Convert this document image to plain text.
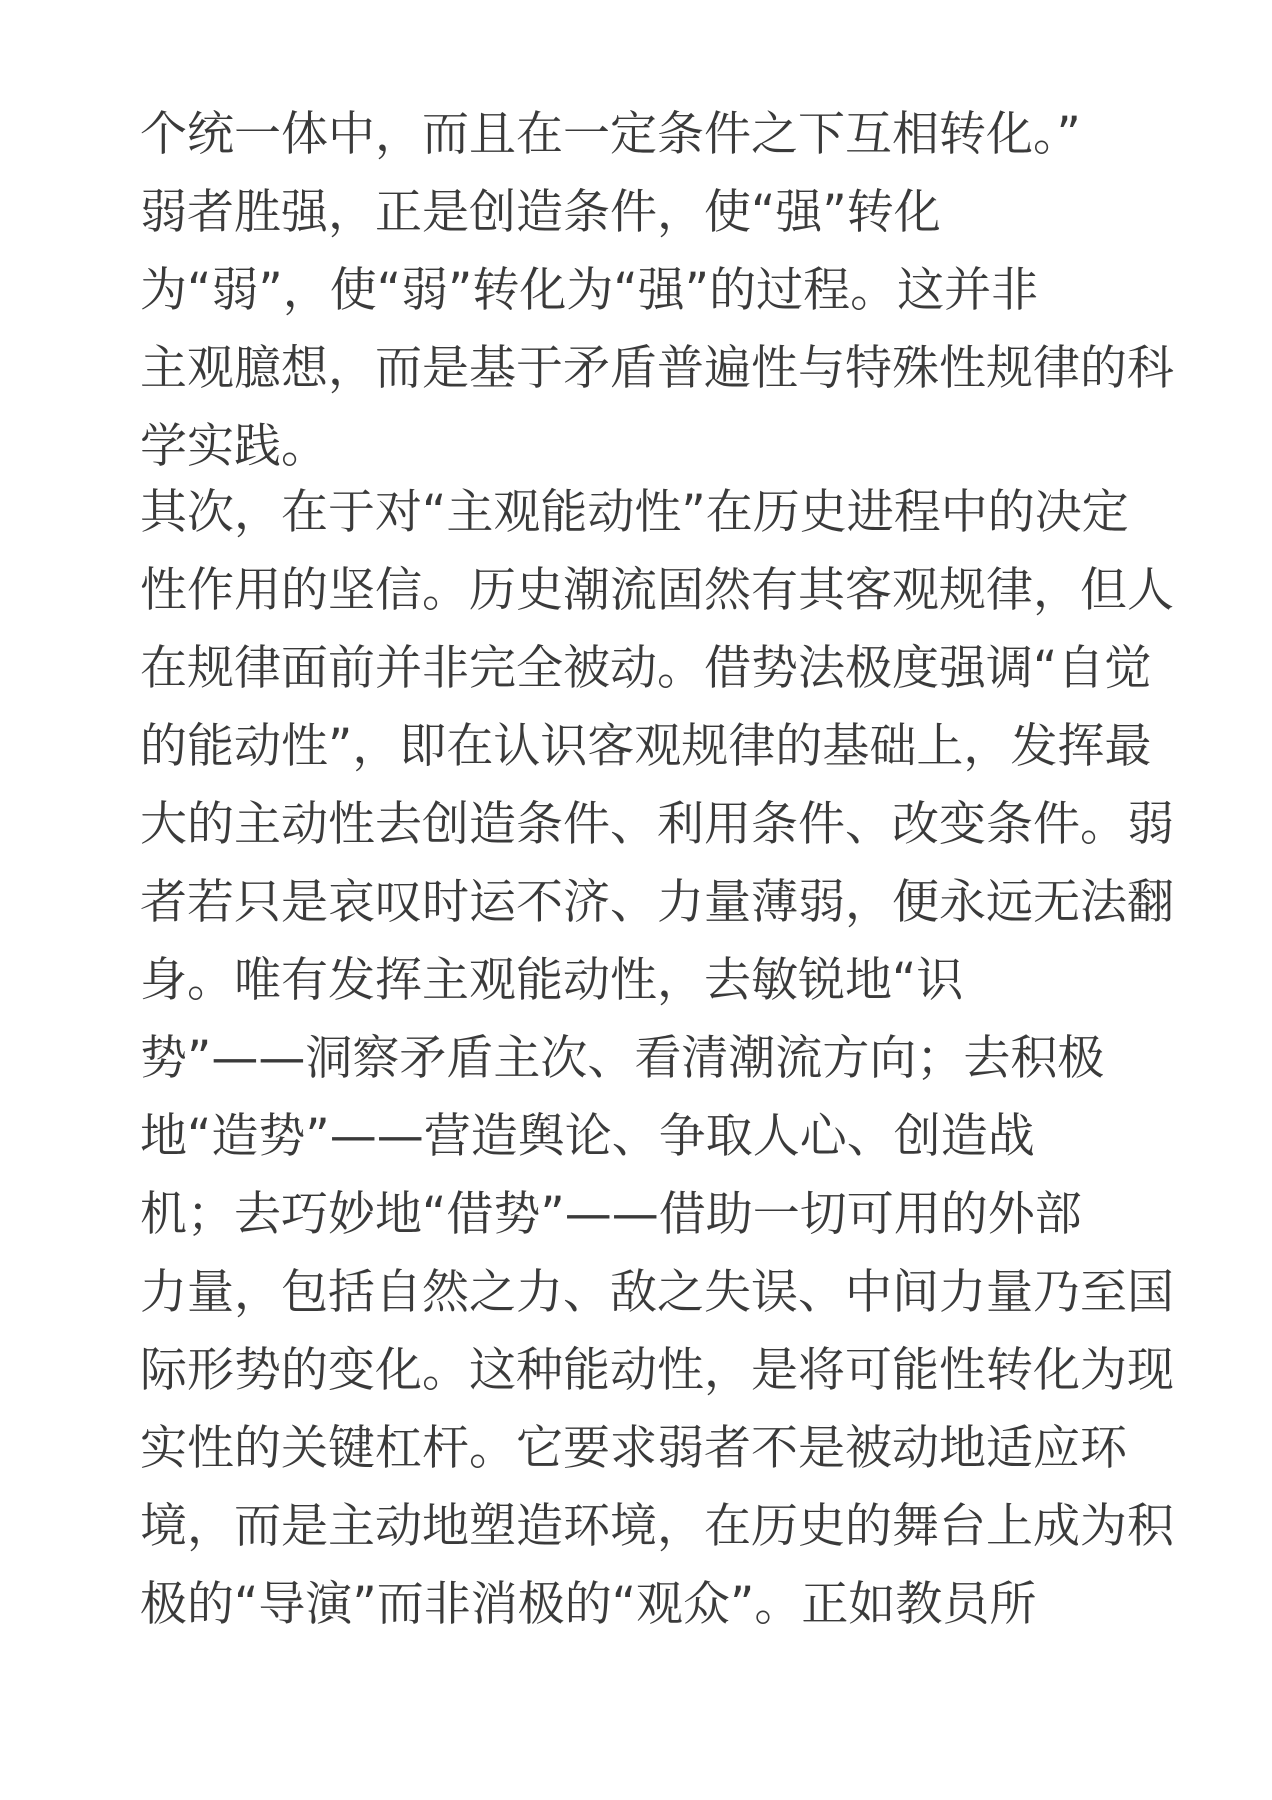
个统一体中，而且在一定条件之下互相转化。”
弱者胜强，正是创造条件，使“强”转化
为“弱”，使“弱”转化为“强”的过程。这并非
主观臆想，而是基于矛盾普遍性与特殊性规律的科
学实践。
其次，在于对“主观能动性”在历史进程中的决定
性作用的坚信。历史潮流固然有其客观规律，但人
在规律面前并非完全被动。借势法极度强调“自觉
的能动性”，即在认识客观规律的基础上，发挥最
大的主动性去创造条件、利用条件、改变条件。弱
者若只是哀叹时运不济、力量薄弱，便永远无法翻
身。唯有发挥主观能动性，去敏锐地“识
势”——洞察矛盾主次、看清潮流方向；去积极
地“造势”——营造舆论、争取人心、创造战
机；去巧妙地“借势”——借助一切可用的外部
力量，包括自然之力、敌之失误、中间力量乃至国
际形势的变化。这种能动性，是将可能性转化为现
实性的关键杠杆。它要求弱者不是被动地适应环
境，而是主动地塑造环境，在历史的舞台上成为积
极的“导演”而非消极的“观众”。正如教员所
